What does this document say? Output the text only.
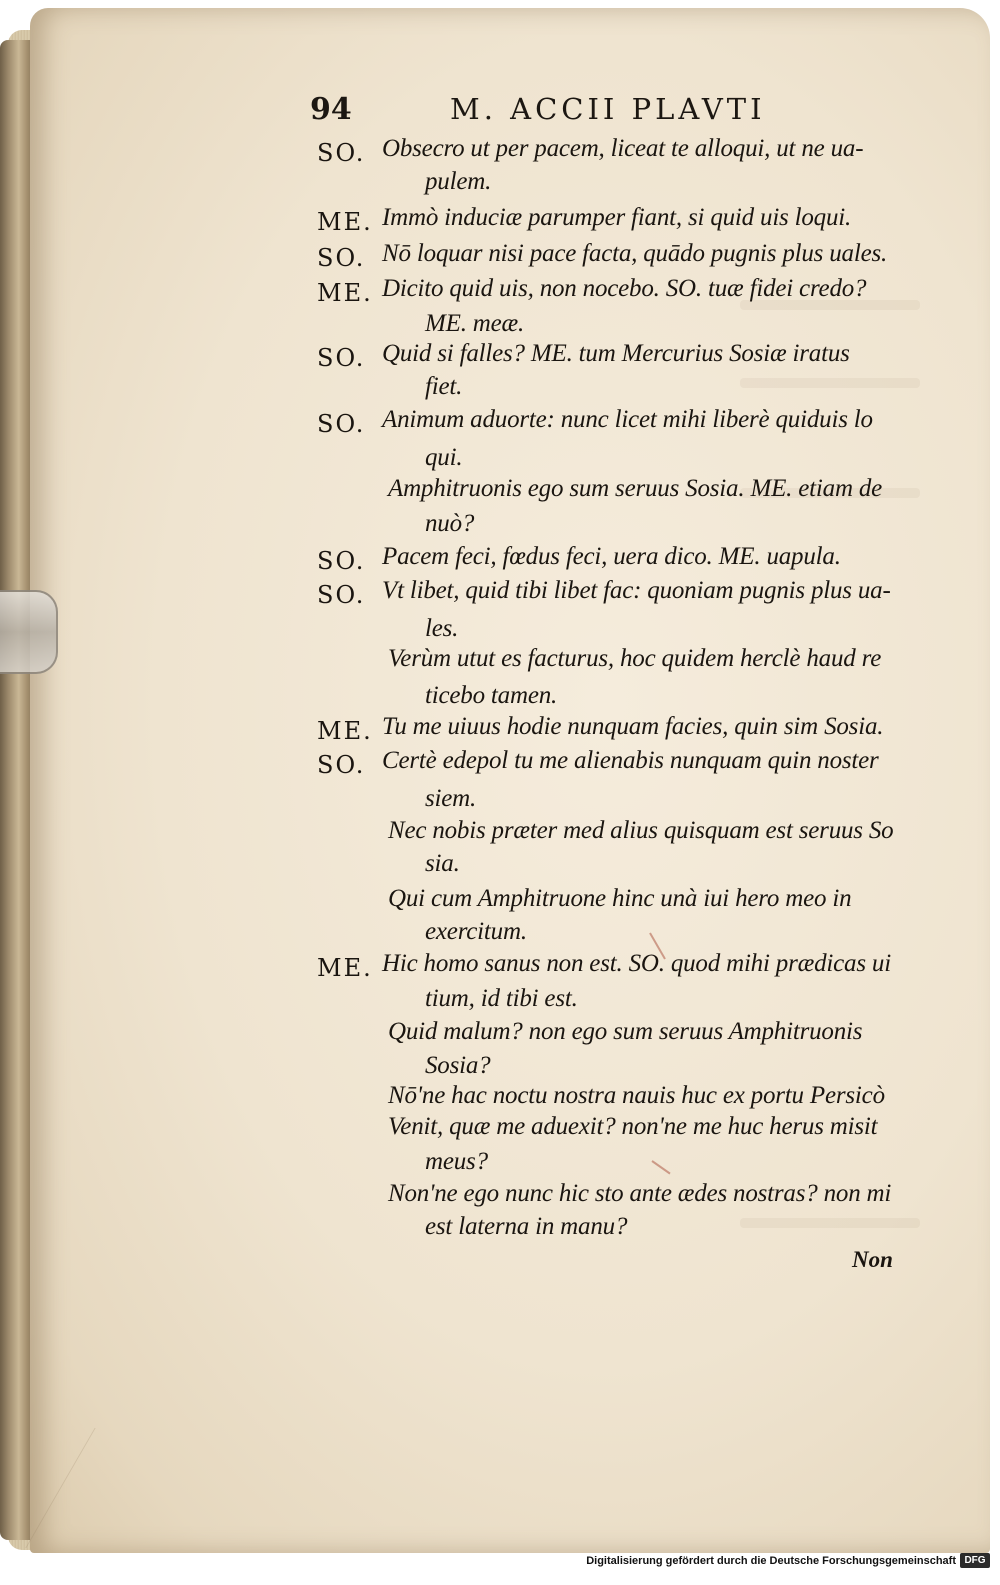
94	M. ACCII PLAVTI
SO. Obsecro ut per pacem, liceat te alloqui, ut ne ua-
pulem.
ME. Immò induciæ parumper fiant, si quid uis loqui.
SO. Nō loquar nisi pace facta, quādo pugnis plus uales.
ME. Dicito quid uis, non nocebo. SO. tuæ fidei credo?
ME. meæ.
SO. Quid si falles? ME. tum Mercurius Sosiæ iratus
fiet.
SO. Animum aduorte: nunc licet mihi liberè quiduis lo
qui.
Amphitruonis ego sum seruus Sosia. ME. etiam de
nuò?
SO. Pacem feci, fœdus feci, uera dico. ME. uapula.
SO. Vt libet, quid tibi libet fac: quoniam pugnis plus ua-
les.
Verùm utut es facturus, hoc quidem herclè haud re
ticebo tamen.
ME. Tu me uiuus hodie nunquam facies, quin sim Sosia.
SO. Certè edepol tu me alienabis nunquam quin noster
siem.
Nec nobis præter med alius quisquam est seruus So
sia.
Qui cum Amphitruone hinc unà iui hero meo in
exercitum.
ME. Hic homo sanus non est. SO. quod mihi prædicas ui
tium, id tibi est.
Quid malum? non ego sum seruus Amphitruonis
Sosia?
Nō'ne hac noctu nostra nauis huc ex portu Persicò
Venit, quæ me aduexit? non'ne me huc herus misit
meus?
Non'ne ego nunc hic sto ante ædes nostras? non mi
est laterna in manu?
Non
Digitalisierung gefördert durch die Deutsche Forschungsgemeinschaft DFG
